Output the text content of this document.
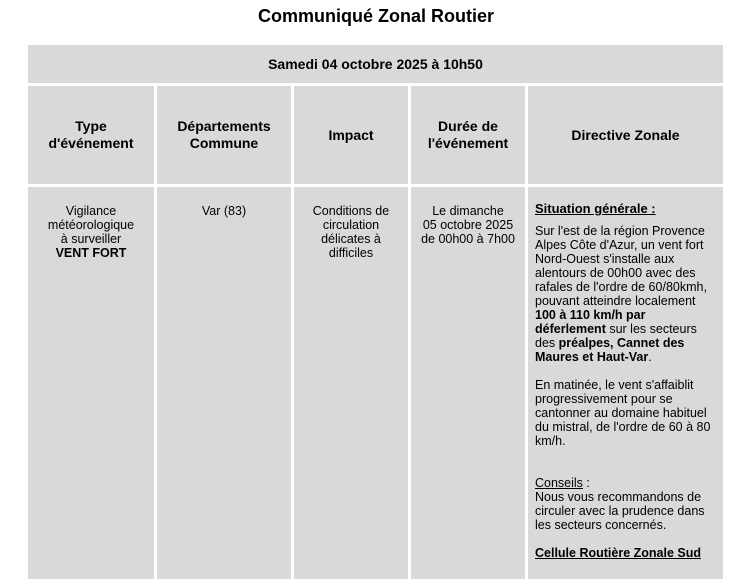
Communiqué Zonal Routier
Samedi 04 octobre 2025 à 10h50
Type
d'événement
Départements
Commune
Impact
Durée de
l'événement
Directive Zonale
Vigilance
météorologique
à surveiller
VENT FORT
Var (83)	Conditions de
circulation
délicates à
difficiles
Le dimanche
05 octobre 2025
de 00h00 à 7h00
Situation générale :
Sur l'est de la région Provence Alpes Côte d'Azur, un vent fort Nord-Ouest s'installe aux alentours de 00h00 avec des rafales de l'ordre de 60/80kmh, pouvant atteindre localement 100 à 110 km/h par déferlement sur les secteurs des préalpes, Cannet des Maures et Haut-Var.
En matinée, le vent s'affaiblit progressivement pour se cantonner au domaine habituel du mistral, de l'ordre de 60 à 80 km/h.
Conseils :
Nous vous recommandons de circuler avec la prudence dans les secteurs concernés.
Cellule Routière Zonale Sud
